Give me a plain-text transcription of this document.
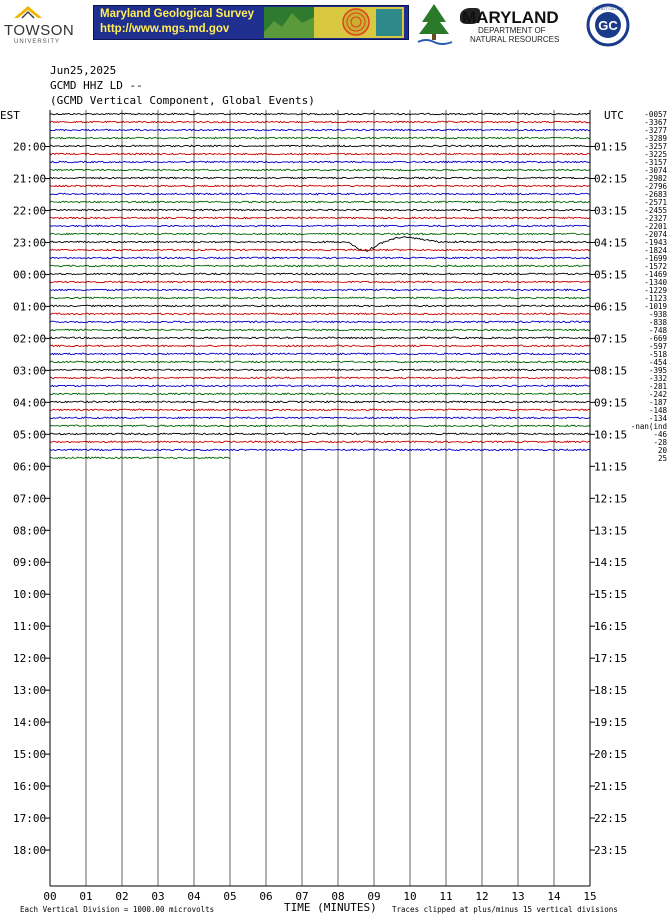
TOWSON
UNIVERSITY
Maryland Geological Survey
http://www.mgs.md.gov
MARYLAND
DEPARTMENT OF
NATURAL RESOURCES
GC
GARRETT COLLEGE
20:00
21:00
22:00
23:00
00:00
01:00
02:00
03:00
04:00
05:00
06:00
07:00
08:00
09:00
10:00
11:00
12:00
13:00
14:00
15:00
16:00
17:00
18:00
01:15
02:15
03:15
04:15
05:15
06:15
07:15
08:15
09:15
10:15
11:15
12:15
13:15
14:15
15:15
16:15
17:15
18:15
19:15
20:15
21:15
22:15
23:15
00 01 02 03 04 05 06 07 08 09 10 11 12 13 14 15
-0057
-3367
-3277
-3289
-3257
-3225
-3157
-3074
-2982
-2796
-2683
-2571
-2455
-2327
-2201
-2074
-1943
-1824
-1699
-1572
-1469
-1340
-1229
-1123
-1019
-938
-838
-748
-669
-597
-518
-454
-395
-332
-281
-242
-187
-148
-134
-nan(ind
-46
-28
20
25
Jun25,2025
GCMD HHZ LD --
(GCMD Vertical Component, Global Events)
EST	UTC
TIME (MINUTES)
Each Vertical Division = 1000.00 microvolts	Traces clipped at plus/minus 15 vertical divisions
